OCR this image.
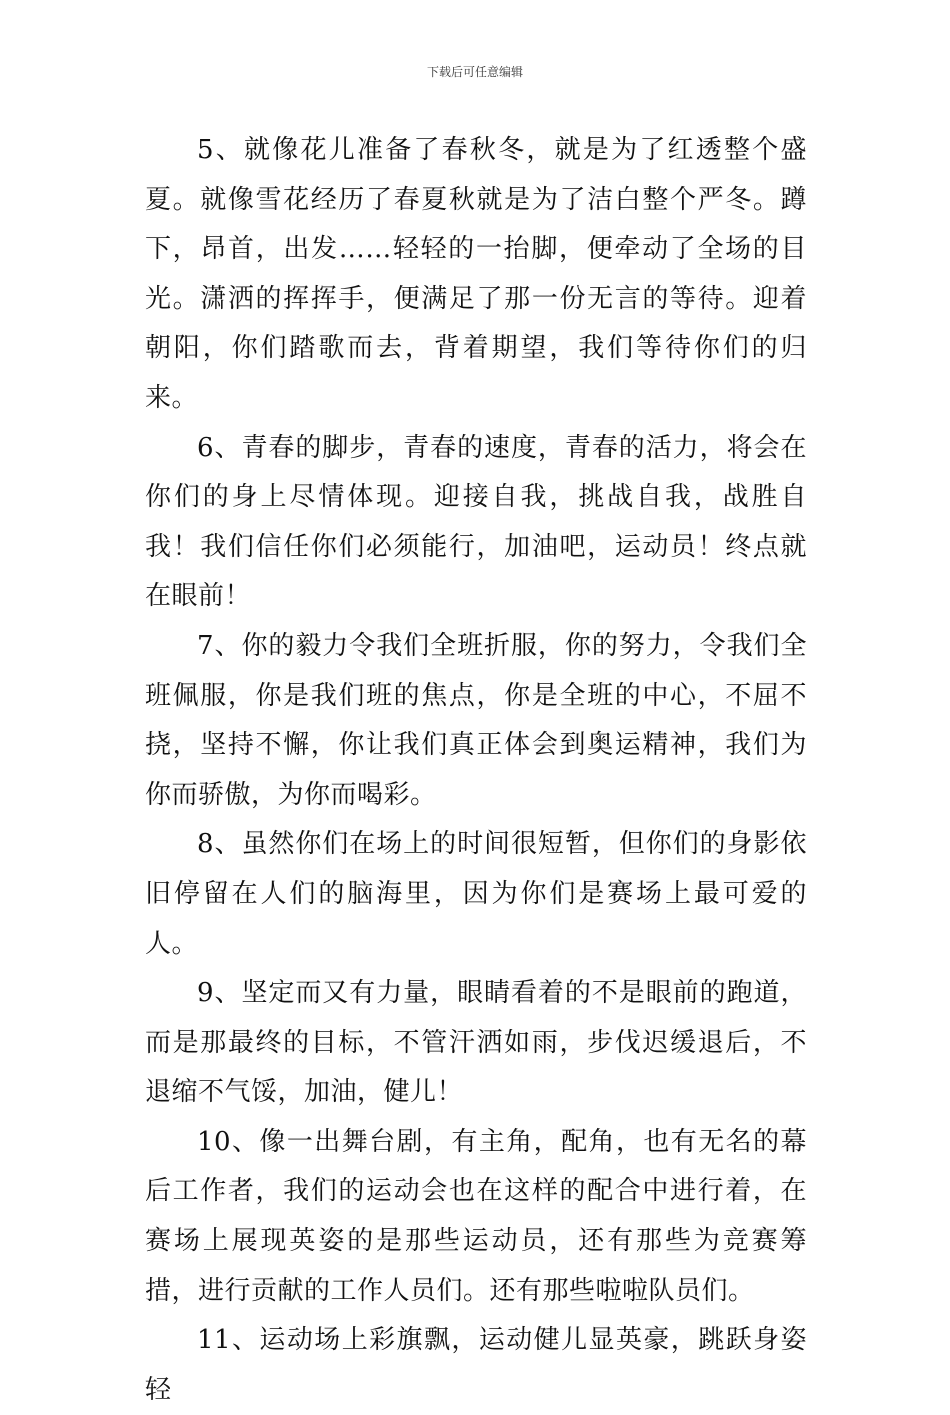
下载后可任意编辑

5、就像花儿准备了春秋冬，就是为了红透整个盛夏。就像雪花经历了春夏秋就是为了洁白整个严冬。蹲下，昂首，出发……轻轻的一抬脚，便牵动了全场的目光。潇洒的挥挥手，便满足了那一份无言的等待。迎着朝阳，你们踏歌而去，背着期望，我们等待你们的归来。

6、青春的脚步，青春的速度，青春的活力，将会在你们的身上尽情体现。迎接自我，挑战自我，战胜自我！我们信任你们必须能行，加油吧，运动员！终点就在眼前！

7、你的毅力令我们全班折服，你的努力，令我们全班佩服，你是我们班的焦点，你是全班的中心，不屈不挠，坚持不懈，你让我们真正体会到奥运精神，我们为你而骄傲，为你而喝彩。

8、虽然你们在场上的时间很短暂，但你们的身影依旧停留在人们的脑海里，因为你们是赛场上最可爱的人。

9、坚定而又有力量，眼睛看着的不是眼前的跑道，而是那最终的目标，不管汗洒如雨，步伐迟缓退后，不退缩不气馁，加油，健儿！

10、像一出舞台剧，有主角，配角，也有无名的幕后工作者，我们的运动会也在这样的配合中进行着，在赛场上展现英姿的是那些运动员，还有那些为竞赛筹措，进行贡献的工作人员们。还有那些啦啦队员们。

11、运动场上彩旗飘，运动健儿显英豪，跳跃身姿轻
